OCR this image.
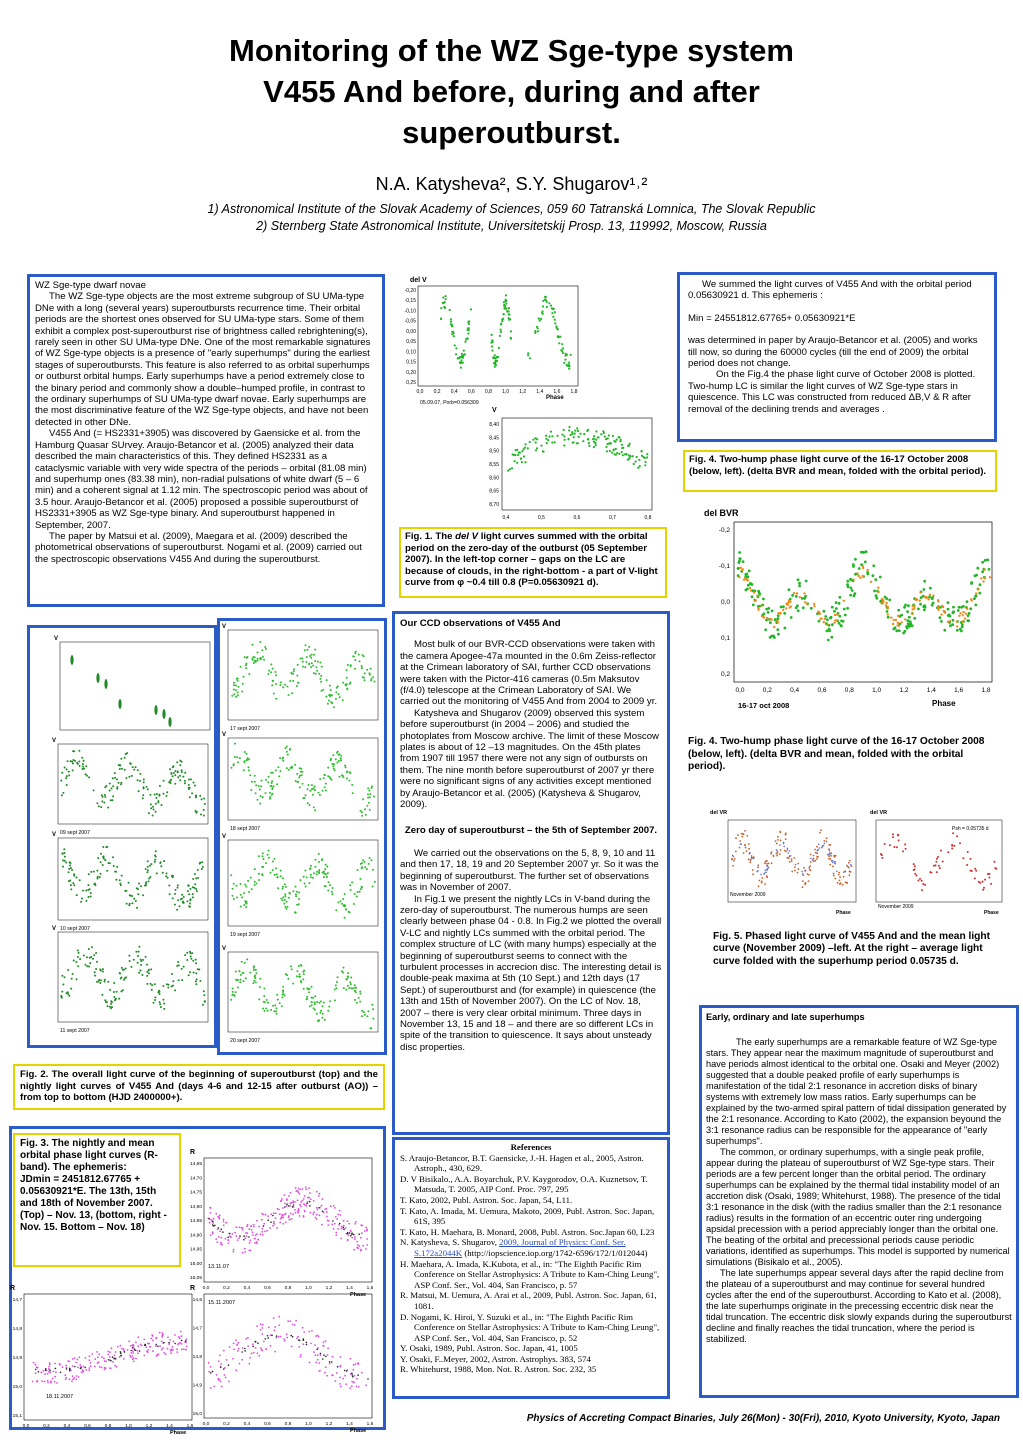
Monitoring of the WZ Sge-type system
V455 And before, during and after
superoutburst.
N.A. Katysheva², S.Y. Shugarov¹˒²
1) Astronomical Institute of the Slovak Academy of Sciences, 059 60 Tatranská Lomnica, The Slovak Republic
2) Sternberg State Astronomical Institute, Universitetskij Prosp. 13, 119992, Moscow, Russia

WZ Sge-type dwarf novae

The WZ Sge-type objects are the most extreme subgroup of SU UMa-type DNe with a long (several years) superoutbursts recurrence time. Their orbital periods are the shortest ones observed for SU UMa-type stars. Some of them exhibit a complex post-superoutburst rise of brightness called rebrightening(s), rarely seen in other SU UMa-type DNe. One of the most remarkable signatures of WZ Sge-type objects is a presence of "early superhumps" during the earliest stages of superoutbursts. This feature is also referred to as orbital superhumps or outburst orbital humps. Early superhumps have a period extremely close to the binary period and commonly show a double–humped profile, in contrast to the ordinary superhumps of SU UMa-type dwarf novae. Early superhumps are the most discriminative feature of the WZ Sge-type objects, and have not been detected in other DNe.

V455 And (= HS2331+3905) was discovered by Gaensicke et al. from the Hamburg Quasar SUrvey. Araujo-Betancor et al. (2005) analyzed their data described the main characteristics of this. They defined HS2331 as a cataclysmic variable with very wide spectra of the periods – orbital (81.08 min) and superhump ones (83.38 min), non-radial pulsations of white dwarf (5 – 6 min) and a coherent signal at 1.12 min. The spectroscopic period was about of 3.5 hour. Araujo-Betancor et al. (2005) proposed a possible superoutburst of HS2331+3905 as WZ Sge-type binary. And superoutburst happened in September, 2007.

The paper by Matsui et al. (2009), Maegara et al. (2009) described the photometrical observations of superoutburst. Nogami et al. (2009) carried out the spectroscopic observations V455 And during the superoutburst.

del V
-0,20
-0,15
-0,10
-0,05
0,00
0,05
0,10
0,15
0,20
0,25
0,0 0,2 0,4 0,6 0,8 1,0 1,2 1,4 1,6 1,8
Phase
05.09.07, Porb=0.056309
V
8,40
8,45
8,50
8,55
8,60
8,65
8,70
0,4	0,5	0,6	0,7	0,8
Fig. 1. The del V light curves summed with the orbital period on the zero-day of the outburst (05 September 2007). In the left-top corner – gaps on the LC are because of clouds, in the right-bottom - a part of V-light curve from φ ~0.4 till 0.8 (P=0.05630921 d).

We summed the light curves of V455 And with the orbital period 0.05630921 d. This ephemeris :

Min = 24551812.67765+ 0.05630921*E

was determined in paper by Araujo-Betancor et al. (2005) and works till now, so during the 60000 cycles (till the end of 2009) the orbital period does not change.

On the Fig.4 the phase light curve of October 2008 is plotted. Two-hump LC is similar the light curves of WZ Sge-type stars in quiescence. This LC was constructed from reduced ΔB,V & R after removal of the declining trends and averages .

Fig. 4. Two-hump phase light curve of the 16-17 October 2008 (below, left). (delta BVR and mean, folded with the orbital period).
del BVR
-0,2
-0,1
0,0
0,1
0,2
0,0	0,2	0,4	0,6	0,8	1,0	1,2	1,4	1,6	1,8
16-17 oct 2008	Phase
Fig. 4. Two-hump phase light curve of the 16-17 October 2008 (below, left). (delta BVR and mean, folded with the orbital period).
del VR
November 2009
Phase
del VR
Psh = 0.05735 d
November 2009
Phase
Fig. 5. Phased light curve of V455 And and the mean light curve (November 2009) –left. At the right – average light curve folded with the superhump period 0.05735 d.
V
V
17 sept 2007
V
09 sept 2007
V
18 sept 2007
V
10 sept 2007
V
19 sept 2007
V
11 sept 2007
V
20 sept 2007
Fig. 2. The overall light curve of the beginning of superoutburst (top) and the nightly light curves of V455 And (days 4-6 and 12-15 after outburst (AO)) – from top to bottom (HJD 2400000+).

Our CCD observations of V455 And

Most bulk of our BVR-CCD observations were taken with the camera Apogee-47a mounted in the 0.6m Zeiss-reflector at the Crimean laboratory of SAI, further CCD observations were taken with the Pictor-416 cameras (0.5m Maksutov (f/4.0) telescope at the Crimean Laboratory of SAI. We carried out the monitoring of V455 And from 2004 to 2009 yr.

Katysheva and Shugarov (2009) observed this system before superoutburst (in 2004 – 2006) and studied the photoplates from Moscow archive. The limit of these Moscow plates is about of 12 –13 magnitudes. On the 45th plates from 1907 till 1957 there were not any sign of outbursts on them. The nine month before superoutburst of 2007 yr there were no significant signs of any activities except mentioned by Araujo-Betancor et al. (2005) (Katysheva & Shugarov, 2009).

Zero day of superoutburst – the 5th of September 2007.

We carried out the observations on the 5, 8, 9, 10 and 11 and then 17, 18, 19 and 20 September 2007 yr. So it was the beginning of superoutburst. The further set of observations was in November of 2007.

In Fig.1 we present the nightly LCs in V-band during the zero-day of superoutburst. The numerous humps are seen clearly between phase 04 - 0.8. In Fig.2 we plotted the overall V-LC and nightly LCs summed with the orbital period. The complex structure of LC (with many humps) especially at the beginning of superoutburst seems to connect with the turbulent processes in accrecion disc. The interesting detail is double-peak maxima at 5th (10 Sept.) and 12th days (17 Sept.) of superoutburst and (for example) in quiescence (the 13th and 15th of November 2007). On the LC of Nov. 18, 2007 – there is very clear orbital minimum. Three days in November 13, 15 and 18 – and there are so different LCs in spite of the transition to quiescence. It says about unsteady disc properties.

Fig. 3. The nightly and mean orbital phase light curves (R-band). The ephemeris:
JDmin = 2451812.67765 + 0.05630921*E. The 13th, 15th and 18th of November 2007. (Top) – Nov. 13, (bottom, right -Nov. 15. Bottom – Nov. 18)
R
14,65
14,70
14,75
14,80
14,85
14,90
14,95
15,00
15,05
0,0	0,2	0,4	0,6	0,8	1,0	1,2	1,4	1,6
Phase
13.11.07
R
14,7
14,8
14,9
15,0
15,1
0,0	0,2	0,4	0,6	0,8	1,0	1,2	1,4	1,6
Phase
18.11.2007
R
14,6
14,7
14,8
14,9
15,0
0,0	0,2	0,4	0,6	0,8	1,0	1,2	1,4	1,6
Phase
15.11.2007
References

S. Araujo-Betancor, B.T. Gaensicke, J.-H. Hagen et al., 2005, Astron. Astroph., 430, 629.

D. V Bisikalo., A.A. Boyarchuk, P.V. Kaygorodov, O.A. Kuznetsov, T. Matsuda, T. 2005, AIP Conf. Proc. 797, 295

T. Kato, 2002, Publ. Astron. Soc. Japan, 54, L11.

T. Kato, A. Imada, M. Uemura, Makoto, 2009, Publ. Astron. Soc. Japan, 61S, 395

T. Kato, H. Maehara, B. Monard, 2008, Publ. Astron. Soc.Japan 60, L23

N. Katysheva, S. Shugarov, 2009, Journal of Physics: Conf. Ser. S.172a2044K (http://iopscience.iop.org/1742-6596/172/1/012044)

H. Maehara, A. Imada, K.Kubota, et al., in: "The Eighth Pacific Rim Conference on Stellar Astrophysics: A Tribute to Kam-Ching Leung", ASP Conf. Ser., Vol. 404, San Francisco, p. 57

R. Matsui, M. Uemura, A. Arai et al., 2009, Publ. Astron. Soc. Japan, 61, 1081.

D. Nogami, K. Hiroi, Y. Suzuki et al., in: "The Eighth Pacific Rim Conference on Stellar Astrophysics: A Tribute to Kam-Ching Leung", ASP Conf. Ser., Vol. 404, San Francisco, p. 52

Y. Osaki, 1989, Publ. Astron. Soc. Japan, 41, 1005

Y. Osaki, F..Meyer, 2002, Astron. Astrophys. 383, 574

R. Whitehurst, 1988, Mon. Not. R. Astron. Soc. 232, 35

Early, ordinary and late superhumps

The early superhumps are a remarkable feature of WZ Sge-type stars. They appear near the maximum magnitude of superoutburst and have periods almost identical to the orbital one. Osaki and Meyer (2002) suggested that a double peaked profile of early superhumps is manifestation of the tidal 2:1 resonance in accretion disks of binary systems with extremely low mass ratios. Early superhumps can be explained by the two-armed spiral pattern of tidal dissipation generated by the 2:1 resonance. According to Kato (2002), the expansion beyound the 3:1 resonance radius can be responsible for the appearance of "early superhumps".

The common, or ordinary superhumps, with a single peak profile, appear during the plateau of superoutburst of WZ Sge-type stars. Their periods are a few percent longer than the orbital period. The ordinary superhumps can be explained by the thermal tidal instability model of an accretion disk (Osaki, 1989; Whitehurst, 1988). The presence of the tidal 3:1 resonance in the disk (with the radius smaller than the 2:1 resonance radius) results in the formation of an eccentric outer ring undergoing apsidal precession with a period appreciably longer than the orbital one. The beating of the orbital and precessional periods cause periodic variations, identified as superhumps. This model is supported by numerical simulations (Bisikalo et al., 2005).

The late superhumps appear several days after the rapid decline from the plateau of a superoutburst and may continue for several hundred cycles after the end of the superoutburst. According to Kato et al. (2008), the late superhumps originate in the precessing eccentric disk near the tidal truncation. The eccentric disk slowly expands during the superoutburst decline and finally reaches the tidal truncation, where the period is stabilized.

Physics of Accreting Compact Binaries, July 26(Mon) - 30(Fri), 2010, Kyoto University, Kyoto, Japan
